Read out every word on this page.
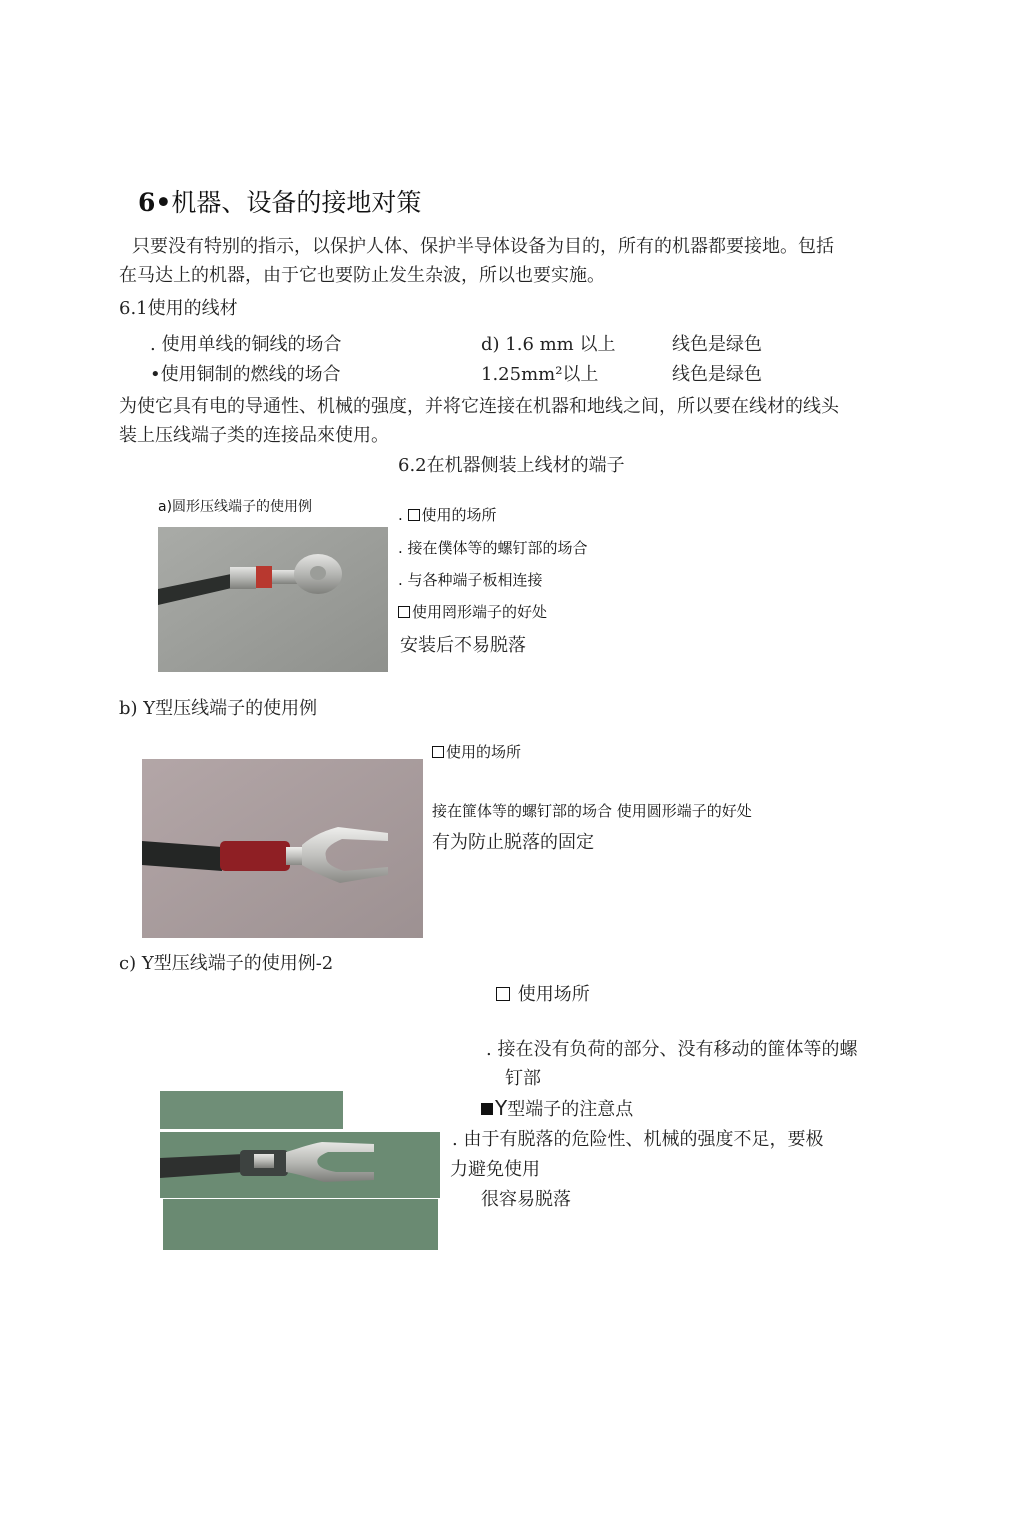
6•机器、设备的接地对策
只要没有特别的指示，以保护人体、保护半导体设备为目的，所有的机器都要接地。包括
在马达上的机器，由于它也要防止发生杂波，所以也要实施。
6.1使用的线材
. 使用单线的铜线的场合	d) 1.6 mm 以上	线色是绿色
•使用铜制的燃线的场合	1.25mm²以上	线色是绿色
为使它具有电的导通性、机械的强度，并将它连接在机器和地线之间，所以要在线材的线头
装上压线端子类的连接品來使用。
6.2在机器侧装上线材的端子
a)圆形压线端子的使用例	. 使用的场所
. 接在僕体等的螺钉部的场合
. 与各种端子板相连接
使用罔形端子的好处
安装后不易脱落
b) Y型压线端子的使用例
使用的场所
接在篚体等的螺钉部的场合 使用圆形端子的好处
有为防止脱落的固定
c) Y型压线端子的使用例-2
使用场所
. 接在没有负荷的部分、没有移动的篚体等的螺
钉部
Y型端子的注意点
. 由于有脱落的危险性、机械的强度不足，要极
力避免使用
很容易脱落
